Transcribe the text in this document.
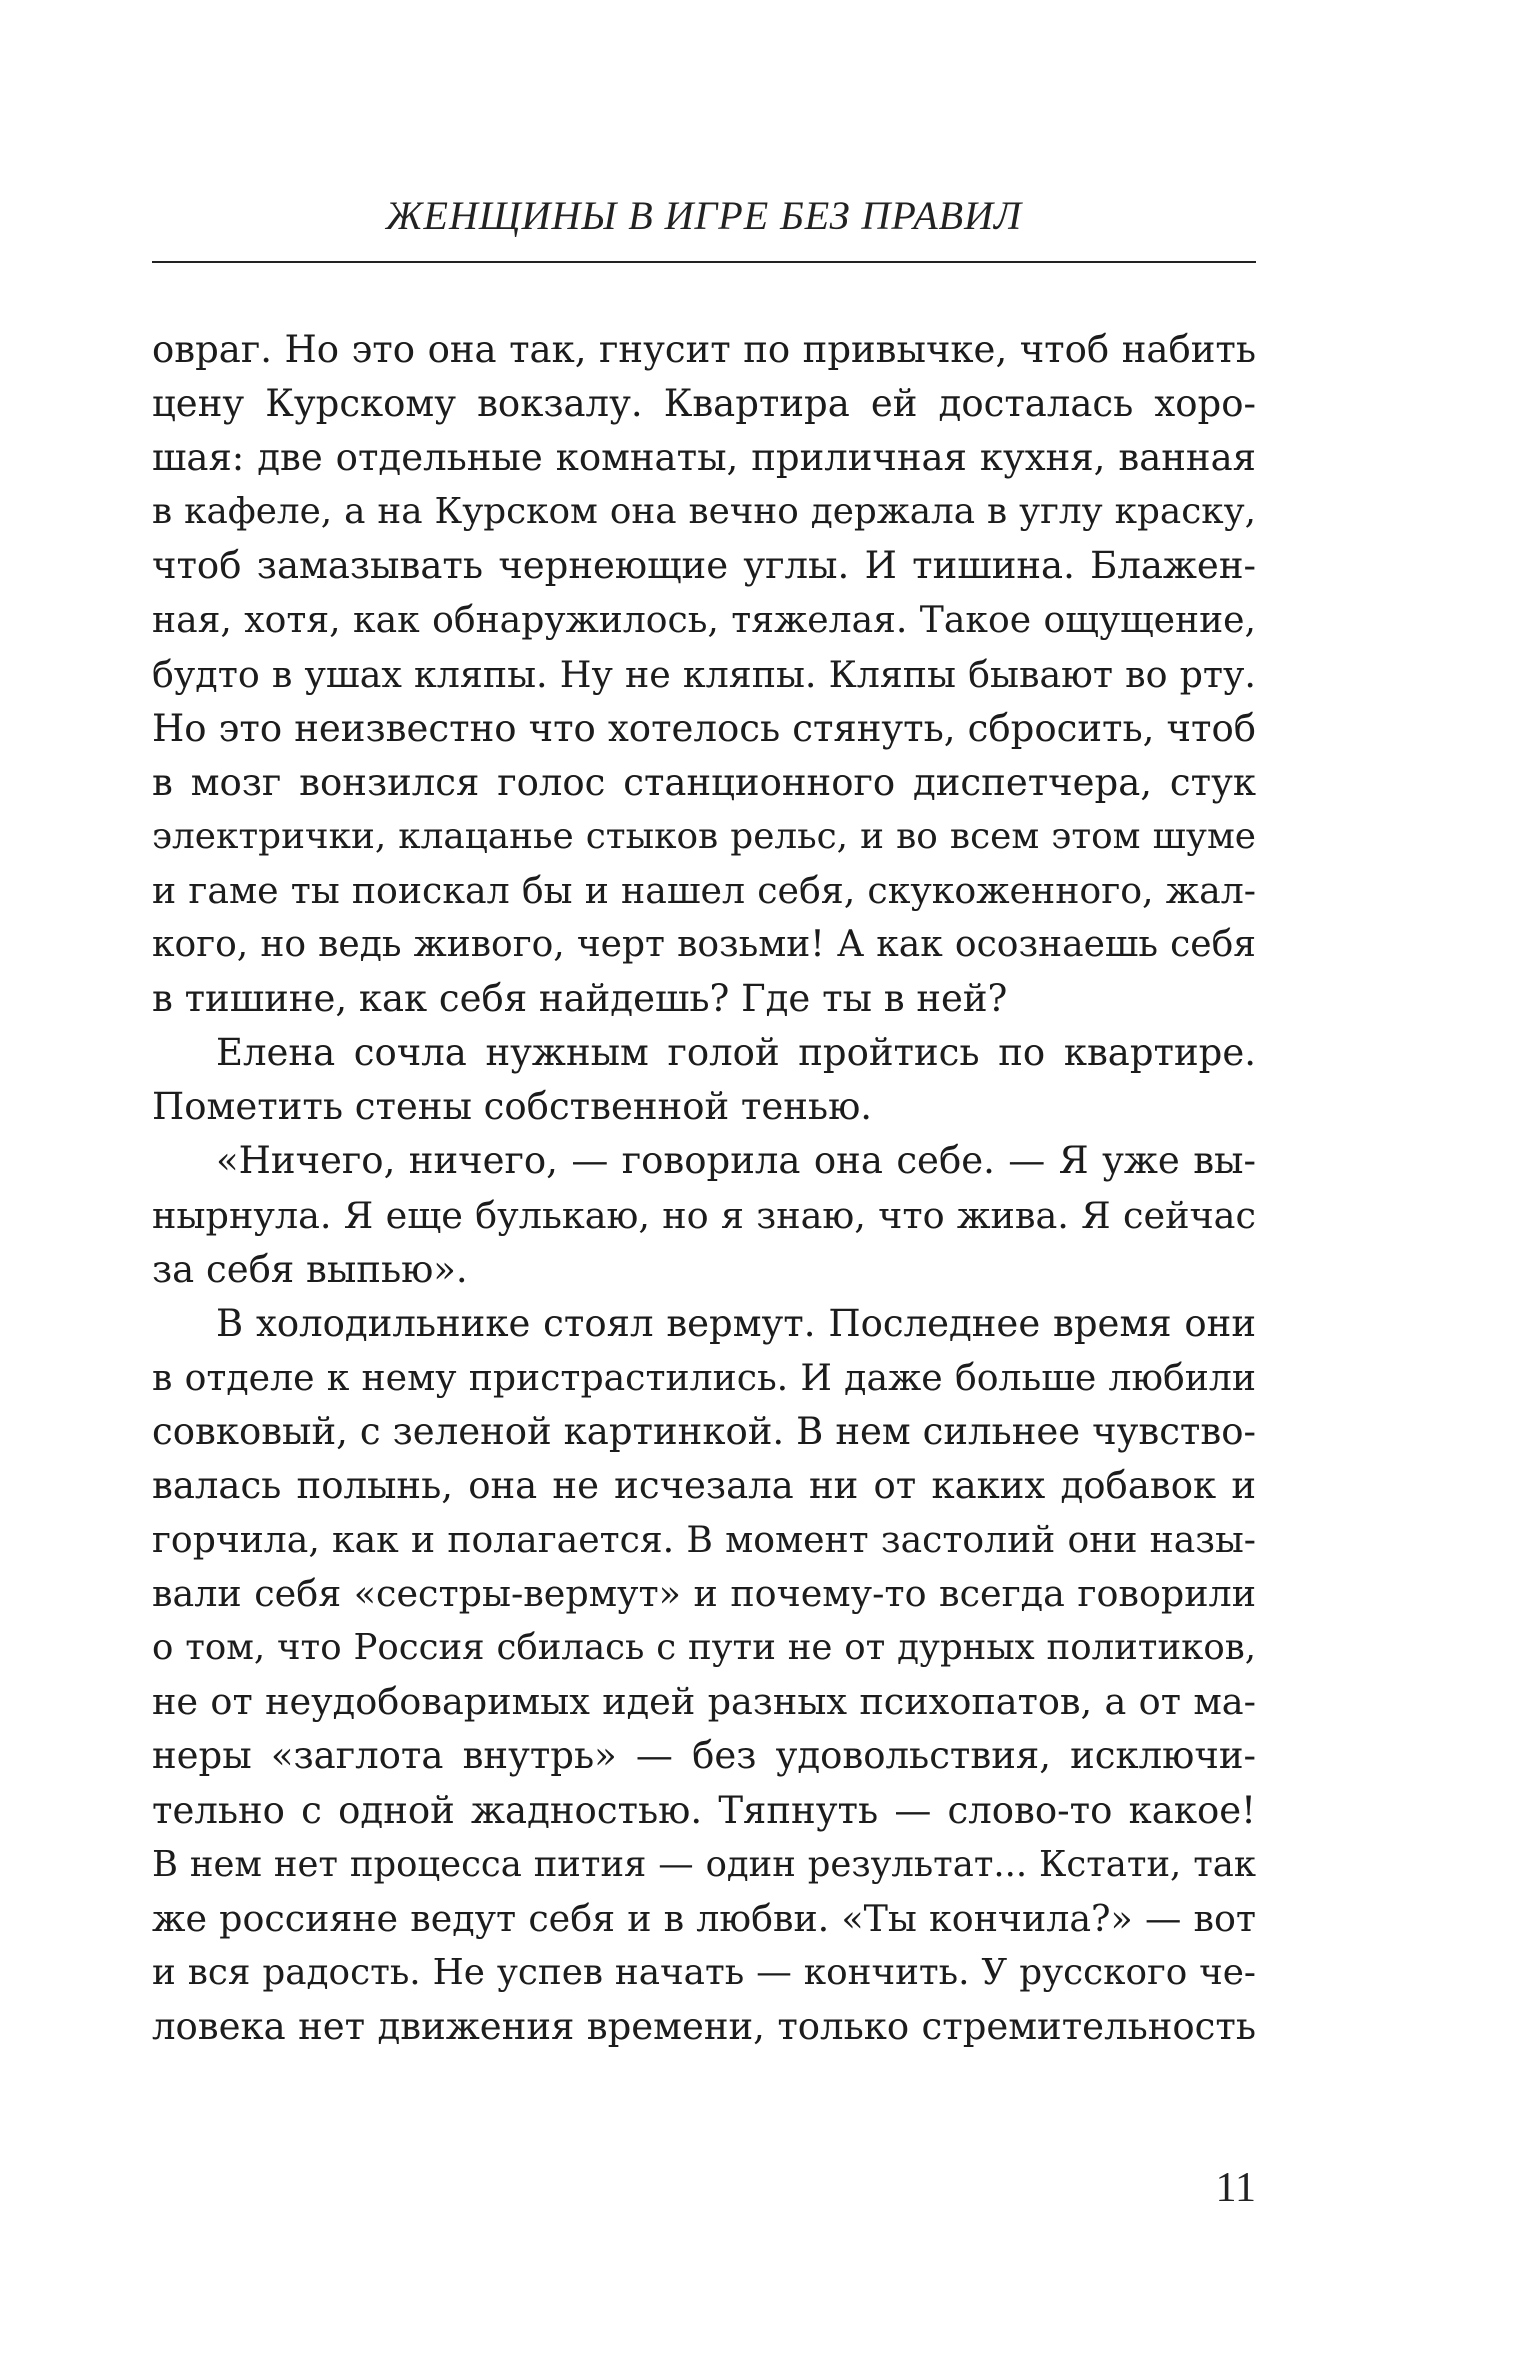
ЖЕНЩИНЫ В ИГРЕ БЕЗ ПРАВИЛ
овраг. Но это она так, гнусит по привычке, чтоб набить
цену Курскому вокзалу. Квартира ей досталась хоро-
шая: две отдельные комнаты, приличная кухня, ванная
в кафеле, а на Курском она вечно держала в углу краску,
чтоб замазывать чернеющие углы. И тишина. Блажен-
ная, хотя, как обнаружилось, тяжелая. Такое ощущение,
будто в ушах кляпы. Ну не кляпы. Кляпы бывают во рту.
Но это неизвестно что хотелось стянуть, сбросить, чтоб
в мозг вонзился голос станционного диспетчера, стук
электрички, клацанье стыков рельс, и во всем этом шуме
и гаме ты поискал бы и нашел себя, скукоженного, жал-
кого, но ведь живого, черт возьми! А как осознаешь себя
в тишине, как себя найдешь? Где ты в ней?
Елена сочла нужным голой пройтись по квартире.
Пометить стены собственной тенью.
«Ничего, ничего, — говорила она себе. — Я уже вы-
нырнула. Я еще булькаю, но я знаю, что жива. Я сейчас
за себя выпью».
В холодильнике стоял вермут. Последнее время они
в отделе к нему пристрастились. И даже больше любили
совковый, с зеленой картинкой. В нем сильнее чувство-
валась полынь, она не исчезала ни от каких добавок и
горчила, как и полагается. В момент застолий они назы-
вали себя «сестры-вермут» и почему-то всегда говорили
о том, что Россия сбилась с пути не от дурных политиков,
не от неудобоваримых идей разных психопатов, а от ма-
неры «заглота внутрь» — без удовольствия, исключи-
тельно с одной жадностью. Тяпнуть — слово-то какое!
В нем нет процесса пития — один результат... Кстати, так
же россияне ведут себя и в любви. «Ты кончила?» — вот
и вся радость. Не успев начать — кончить. У русского че-
ловека нет движения времени, только стремительность
11
